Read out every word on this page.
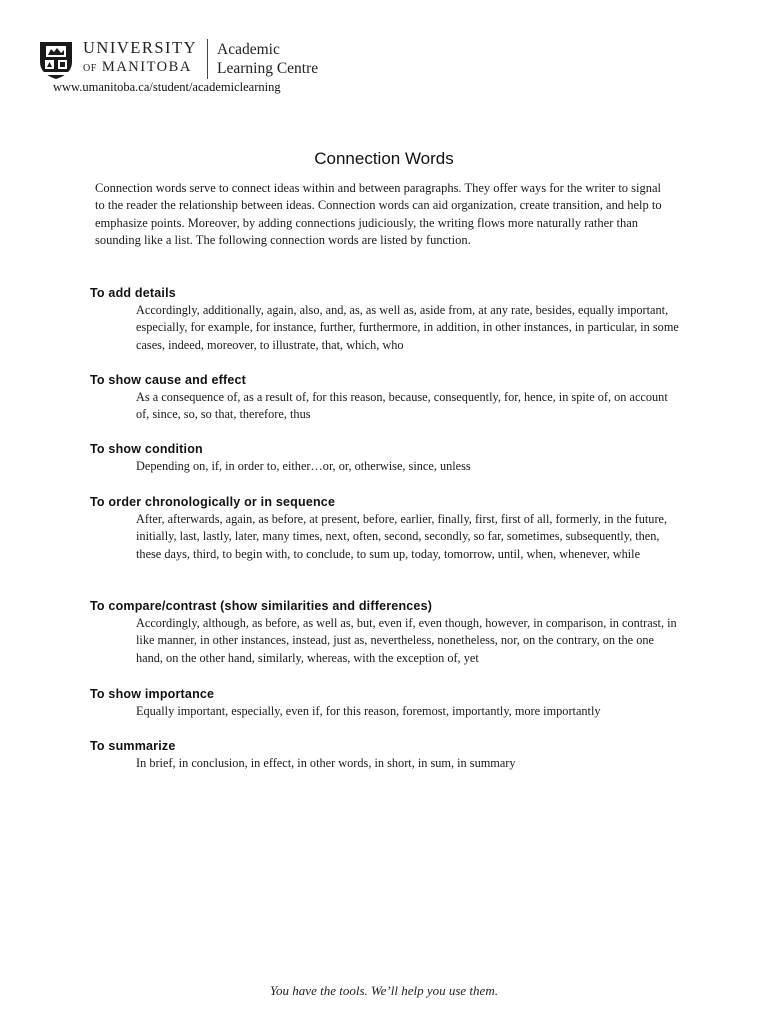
UNIVERSITY
OF MANITOBA
Academic
Learning Centre
www.umanitoba.ca/student/academiclearning
Connection Words
Connection words serve to connect ideas within and between paragraphs. They offer ways for the writer to signal to the reader the relationship between ideas. Connection words can aid organization, create transition, and help to emphasize points. Moreover, by adding connections judiciously, the writing flows more naturally rather than sounding like a list. The following connection words are listed by function.
To add details
Accordingly, additionally, again, also, and, as, as well as, aside from, at any rate, besides, equally important, especially, for example, for instance, further, furthermore, in addition, in other instances, in particular, in some cases, indeed, moreover, to illustrate, that, which, who
To show cause and effect
As a consequence of, as a result of, for this reason, because, consequently, for, hence, in spite of, on account of, since, so, so that, therefore, thus
To show condition
Depending on, if, in order to, either…or, or, otherwise, since, unless
To order chronologically or in sequence
After, afterwards, again, as before, at present, before, earlier, finally, first, first of all, formerly, in the future, initially, last, lastly, later, many times, next, often, second, secondly, so far, sometimes, subsequently, then, these days, third, to begin with, to conclude, to sum up, today, tomorrow, until, when, whenever, while
To compare/contrast (show similarities and differences)
Accordingly, although, as before, as well as, but, even if, even though, however, in comparison, in contrast, in like manner, in other instances, instead, just as, nevertheless, nonetheless, nor, on the contrary, on the one hand, on the other hand, similarly, whereas, with the exception of, yet
To show importance
Equally important, especially, even if, for this reason, foremost, importantly, more importantly
To summarize
In brief, in conclusion, in effect, in other words, in short, in sum, in summary
You have the tools. We’ll help you use them.
